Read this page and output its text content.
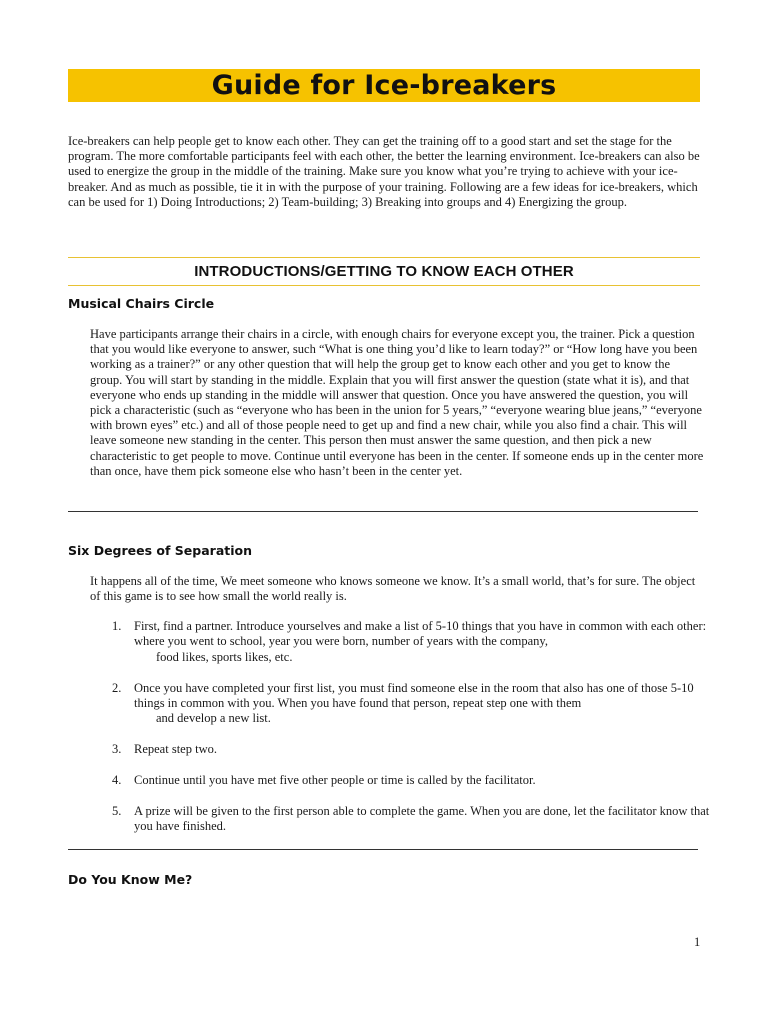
Guide for Ice-breakers

Ice-breakers can help people get to know each other. They can get the training off to a good start and set the stage for the program. The more comfortable participants feel with each other, the better the learning environment. Ice-breakers can also be used to energize the group in the middle of the training. Make sure you know what you’re trying to achieve with your ice-breaker. And as much as possible, tie it in with the purpose of your training. Following are a few ideas for ice-breakers, which can be used for 1) Doing Introductions; 2) Team-building; 3) Breaking into groups and 4) Energizing the group.

INTRODUCTIONS/GETTING TO KNOW EACH OTHER
Musical Chairs Circle

Have participants arrange their chairs in a circle, with enough chairs for everyone except you, the trainer. Pick a question that you would like everyone to answer, such “What is one thing you’d like to learn today?” or “How long have you been working as a trainer?” or any other question that will help the group get to know each other and you get to know the group. You will start by standing in the middle. Explain that you will first answer the question (state what it is), and that everyone who ends up standing in the middle will answer that question. Once you have answered the question, you will pick a characteristic (such as “everyone who has been in the union for 5 years,” “everyone wearing blue jeans,” “everyone with brown eyes” etc.) and all of those people need to get up and find a new chair, while you also find a chair. This will leave someone new standing in the center. This person then must answer the same question, and then pick a new characteristic to get people to move. Continue until everyone has been in the center. If someone ends up in the center more than once, have them pick someone else who hasn’t been in the center yet.

Six Degrees of Separation

It happens all of the time, We meet someone who knows someone we know. It’s a small world, that’s for sure. The object of this game is to see how small the world really is.

1. First, find a partner. Introduce yourselves and make a list of 5-10 things that you have in common with each other: where you went to school, year you were born, number of years with the company,
food likes, sports likes, etc.
2. Once you have completed your first list, you must find someone else in the room that also has one of those 5-10 things in common with you. When you have found that person, repeat step one with them
and develop a new list.
3. Repeat step two.
4. Continue until you have met five other people or time is called by the facilitator.
5. A prize will be given to the first person able to complete the game. When you are done, let the facilitator know that you have finished.
Do You Know Me?

1
